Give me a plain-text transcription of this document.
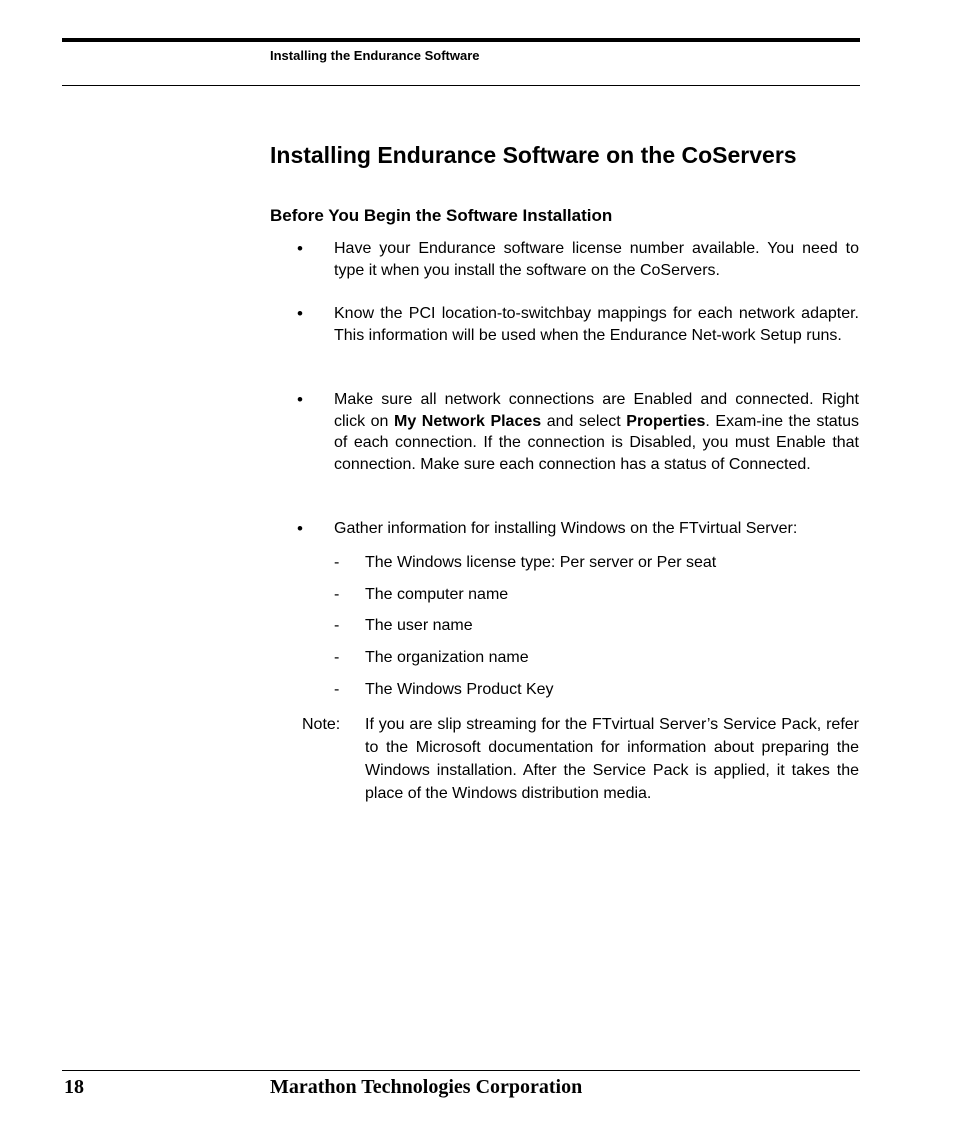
Installing the Endurance Software
Installing Endurance Software on the CoServers
Before You Begin the Software Installation
• Have your Endurance software license number available. You need to type it when you install the software on the CoServers.
• Know the PCI location-to-switchbay mappings for each network adapter. This information will be used when the Endurance Net-work Setup runs.
• Make sure all network connections are Enabled and connected. Right click on My Network Places and select Properties. Exam-ine the status of each connection. If the connection is Disabled, you must Enable that connection. Make sure each connection has a status of Connected.
• Gather information for installing Windows on the FTvirtual Server:
- The Windows license type: Per server or Per seat
- The computer name
- The user name
- The organization name
- The Windows Product Key
Note: If you are slip streaming for the FTvirtual Server’s Service Pack, refer to the Microsoft documentation for information about preparing the Windows installation. After the Service Pack is applied, it takes the place of the Windows distribution media.
18	Marathon Technologies Corporation
